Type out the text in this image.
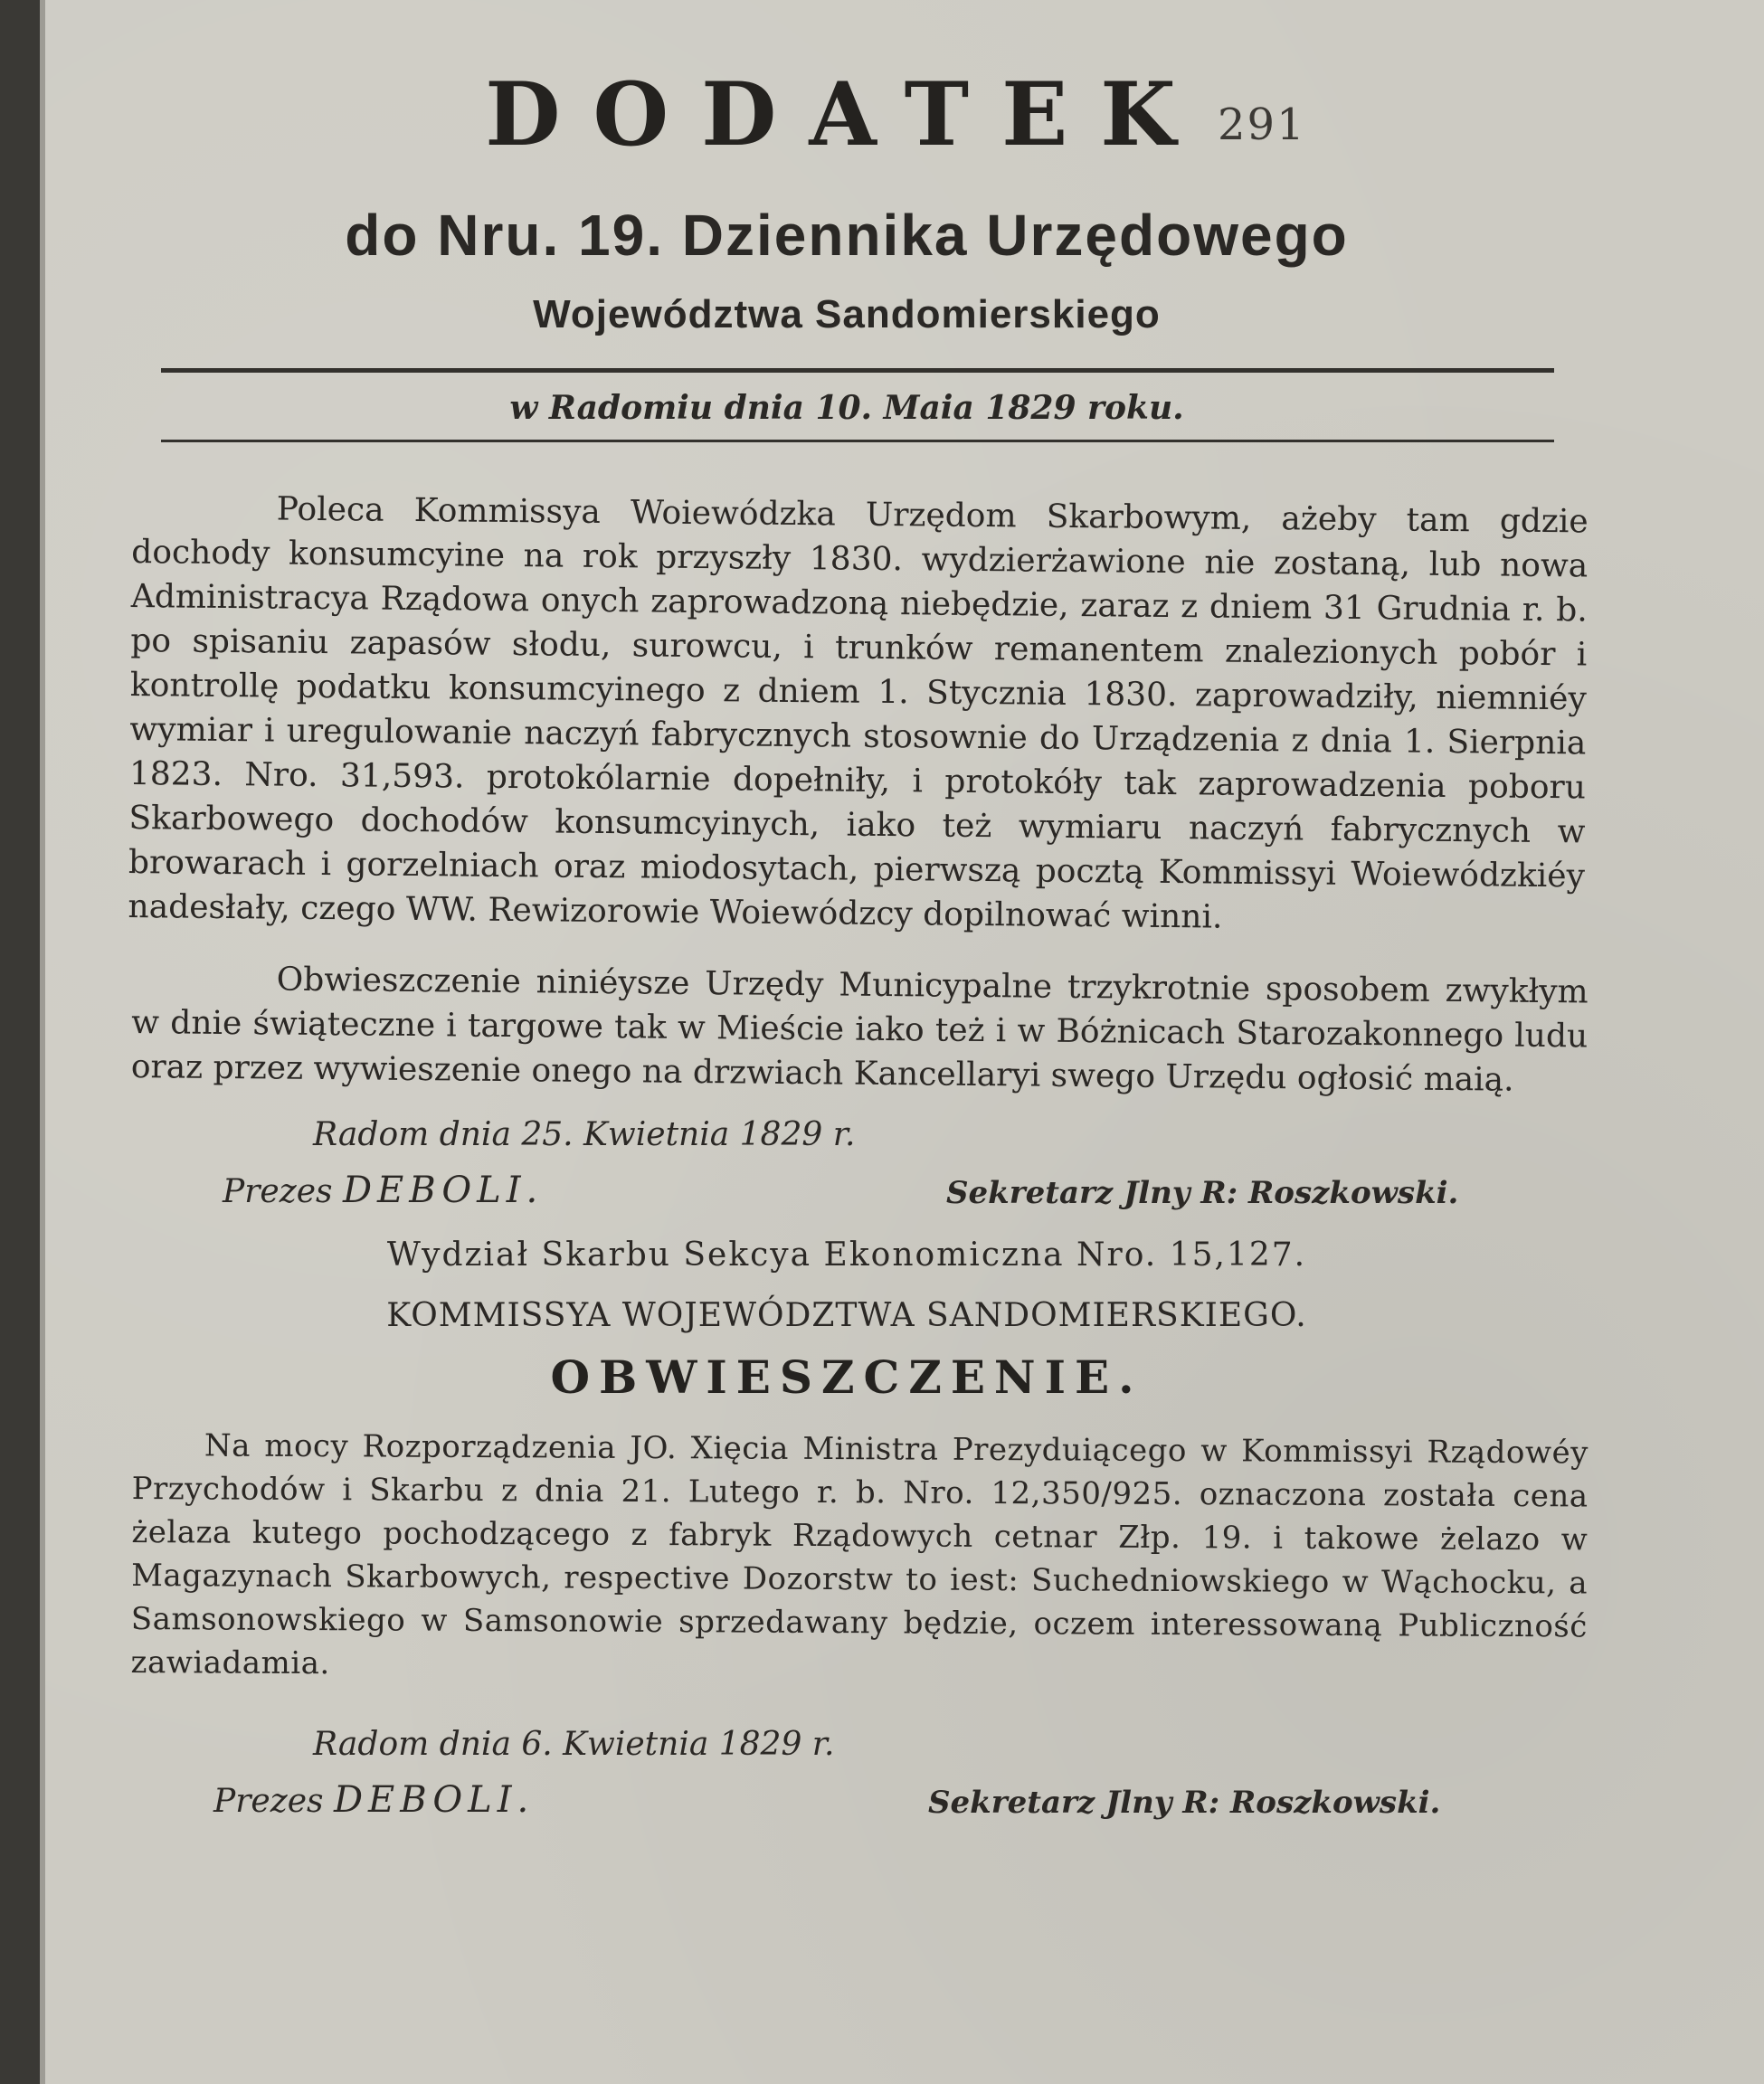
DODATEK 291
do Nru. 19. Dziennika Urzędowego
Województwa Sandomierskiego
w Radomiu dnia 10. Maia 1829 roku.
Poleca Kommissya Woiewódzka Urzędom Skarbowym, ażeby tam gdzie dochody konsumcyine na rok przyszły 1830. wydzierżawione nie zostaną, lub nowa Administracya Rządowa onych zaprowadzoną niebędzie, zaraz z dniem 31 Grudnia r. b. po spisaniu zapasów słodu, surowcu, i trunków remanentem znalezionych pobór i kontrollę podatku konsumcyinego z dniem 1. Stycznia 1830. zaprowadziły, niemniéy wymiar i uregulowanie naczyń fabrycznych stosownie do Urządzenia z dnia 1. Sierpnia 1823. Nro. 31,593. protokólarnie dopełniły, i protokóły tak zaprowadzenia poboru Skarbowego dochodów konsumcyinych, iako też wymiaru naczyń fabrycznych w browarach i gorzelniach oraz miodosytach, pierwszą pocztą Kommissyi Woiewódzkiéy nadesłały, czego WW. Rewizorowie Woiewódzcy dopilnować winni.
Obwieszczenie niniéysze Urzędy Municypalne trzykrotnie sposobem zwykłym w dnie świąteczne i targowe tak w Mieście iako też i w Bóżnicach Starozakonnego ludu oraz przez wywieszenie onego na drzwiach Kancellaryi swego Urzędu ogłosić maią.
Radom dnia 25. Kwietnia 1829 r.
Prezes DEBOLI.	Sekretarz Jlny R: Roszkowski.
Wydział Skarbu Sekcya Ekonomiczna Nro. 15,127.
KOMMISSYA WOJEWÓDZTWA SANDOMIERSKIEGO.
OBWIESZCZENIE.
Na mocy Rozporządzenia JO. Xięcia Ministra Prezyduiącego w Kommissyi Rządowéy Przychodów i Skarbu z dnia 21. Lutego r. b. Nro. 12,350/925. oznaczona została cena żelaza kutego pochodzącego z fabryk Rządowych cetnar Złp. 19. i takowe żelazo w Magazynach Skarbowych, respective Dozorstw to iest: Suchedniowskiego w Wąchocku, a Samsonowskiego w Samsonowie sprzedawany będzie, oczem interessowaną Publiczność zawiadamia.
Radom dnia 6. Kwietnia 1829 r.
Prezes DEBOLI.	Sekretarz Jlny R: Roszkowski.
